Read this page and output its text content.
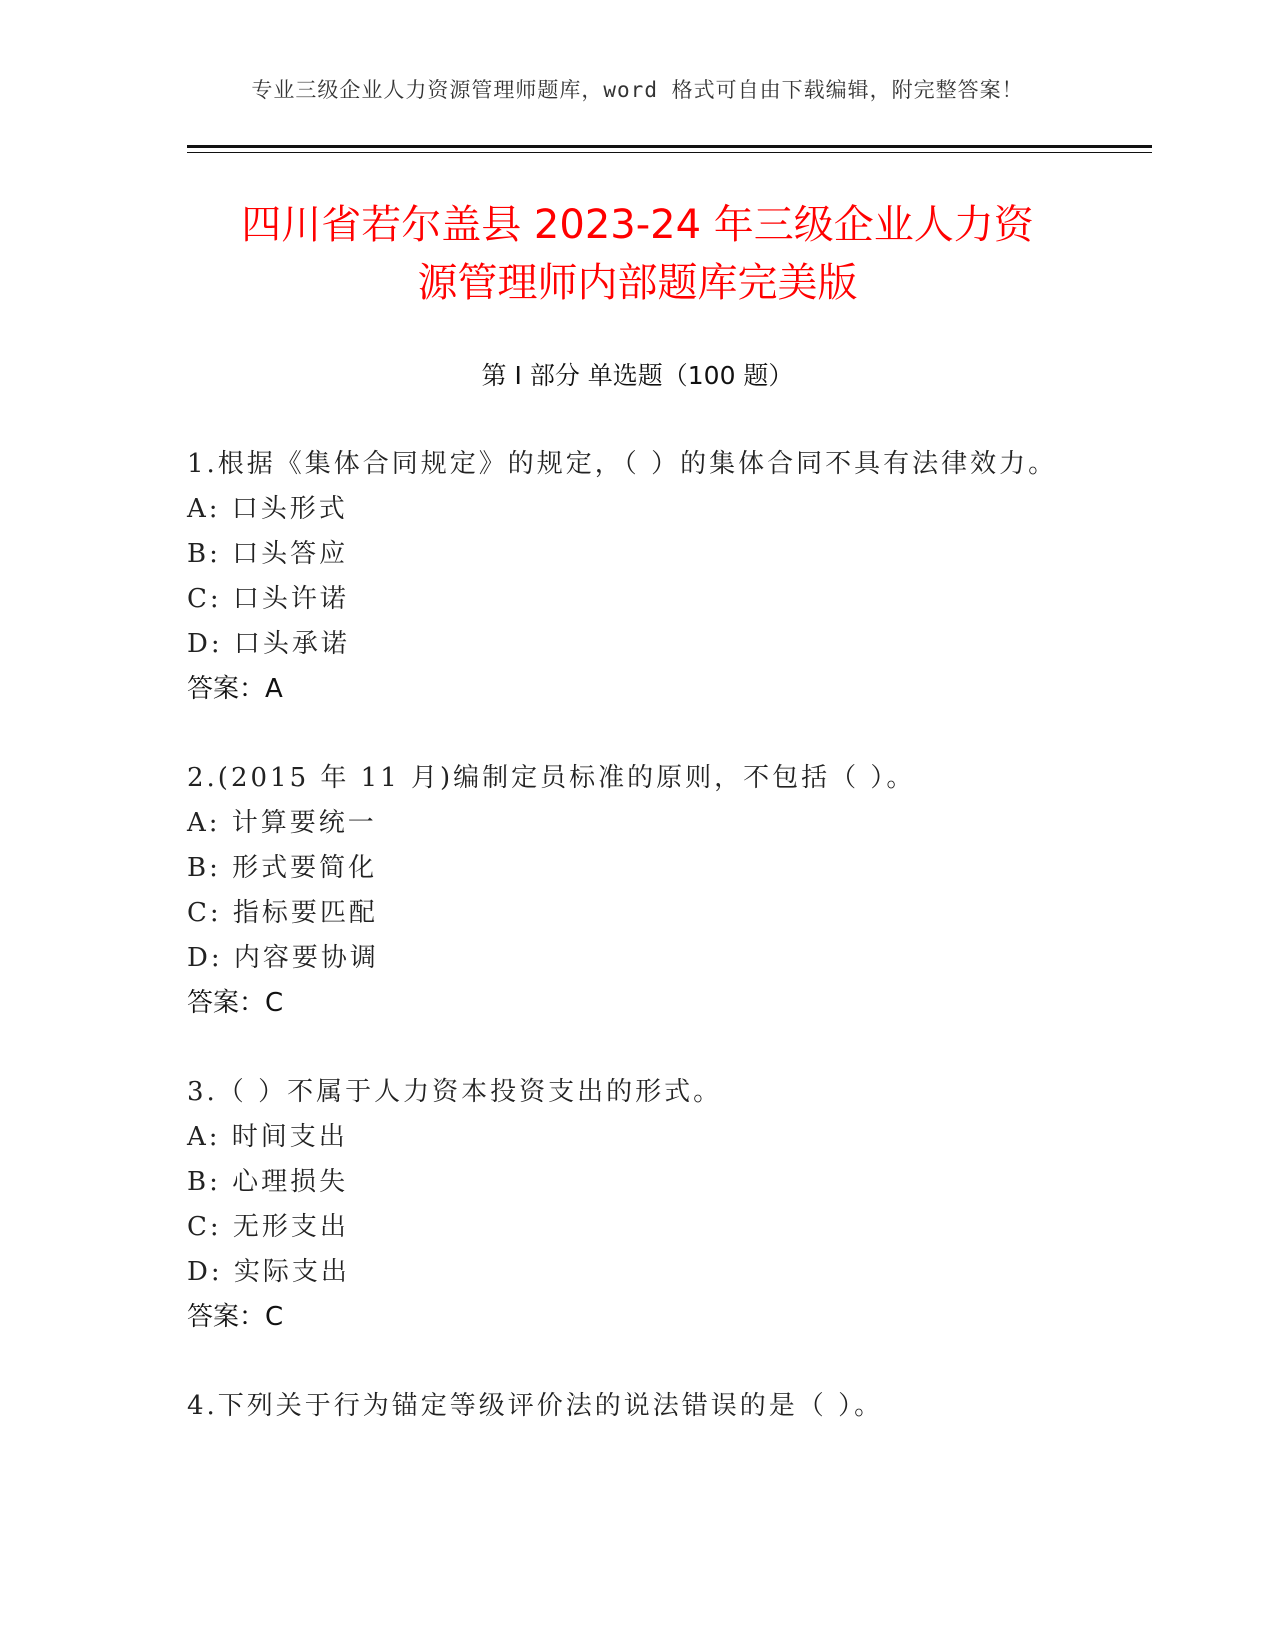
专业三级企业人力资源管理师题库，word 格式可自由下载编辑，附完整答案！
四川省若尔盖县 2023-24 年三级企业人力资
源管理师内部题库完美版
第 I 部分 单选题（100 题）
1.根据《集体合同规定》的规定，（ ）的集体合同不具有法律效力。
A: 口头形式
B: 口头答应
C: 口头许诺
D: 口头承诺
答案：A
2.(2015 年 11 月)编制定员标准的原则，不包括（ ）。
A: 计算要统一
B: 形式要简化
C: 指标要匹配
D: 内容要协调
答案：C
3.（ ）不属于人力资本投资支出的形式。
A: 时间支出
B: 心理损失
C: 无形支出
D: 实际支出
答案：C
4.下列关于行为锚定等级评价法的说法错误的是（ ）。
